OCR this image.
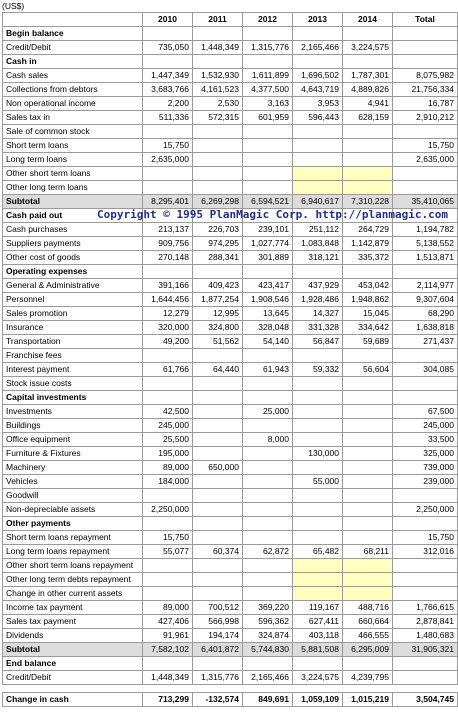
(US$)
	2010	2011	2012	2013	2014	Total
Begin balance						
Credit/Debit	735,050	1,448,349	1,315,776	2,165,466	3,224,575	
Cash in						
Cash sales	1,447,349	1,532,930	1,611,899	1,696,502	1,787,301	8,075,982
Collections from debtors	3,683,766	4,161,523	4,377,500	4,643,719	4,889,826	21,756,334
Non operational income	2,200	2,530	3,163	3,953	4,941	16,787
Sales tax in	511,336	572,315	601,959	596,443	628,159	2,910,212
Sale of common stock						
Short term loans	15,750					15,750
Long term loans	2,635,000					2,635,000
Other short term loans						
Other long term loans						
Subtotal	8,295,401	6,269,298	6,594,521	6,940,617	7,310,228	35,410,065
Cash paid out						
Cash purchases	213,137	226,703	239,101	251,112	264,729	1,194,782
Suppliers payments	909,756	974,295	1,027,774	1,083,848	1,142,879	5,138,552
Other cost of goods	270,148	288,341	301,889	318,121	335,372	1,513,871
Operating expenses						
General & Administrative	391,166	409,423	423,417	437,929	453,042	2,114,977
Personnel	1,644,456	1,877,254	1,908,546	1,928,486	1,948,862	9,307,604
Sales promotion	12,279	12,995	13,645	14,327	15,045	68,290
Insurance	320,000	324,800	328,048	331,328	334,642	1,638,818
Transportation	49,200	51,562	54,140	56,847	59,689	271,437
Franchise fees						
Interest payment	61,766	64,440	61,943	59,332	56,604	304,085
Stock issue costs						
Capital investments						
Investments	42,500		25,000			67,500
Buildings	245,000					245,000
Office equipment	25,500		8,000			33,500
Furniture & Fixtures	195,000			130,000		325,000
Machinery	89,000	650,000				739,000
Vehicles	184,000			55,000		239,000
Goodwill						
Non-depreciable assets	2,250,000					2,250,000
Other payments						
Short term loans repayment	15,750					15,750
Long term loans repayment	55,077	60,374	62,872	65,482	68,211	312,016
Other short term loans repayment						
Other long term debts repayment						
Change in other current assets						
Income tax payment	89,000	700,512	369,220	119,167	488,716	1,766,615
Sales tax payment	427,406	566,998	596,362	627,411	660,664	2,878,841
Dividends	91,961	194,174	324,874	403,118	466,555	1,480,683
Subtotal	7,582,102	6,401,872	5,744,830	5,881,508	6,295,009	31,905,321
End balance						
Credit/Debit	1,448,349	1,315,776	2,165,466	3,224,575	4,239,795	

Change in cash	713,299	-132,574	849,691	1,059,109	1,015,219	3,504,745
Copyright © 1995 PlanMagic Corp. http://planmagic.com
